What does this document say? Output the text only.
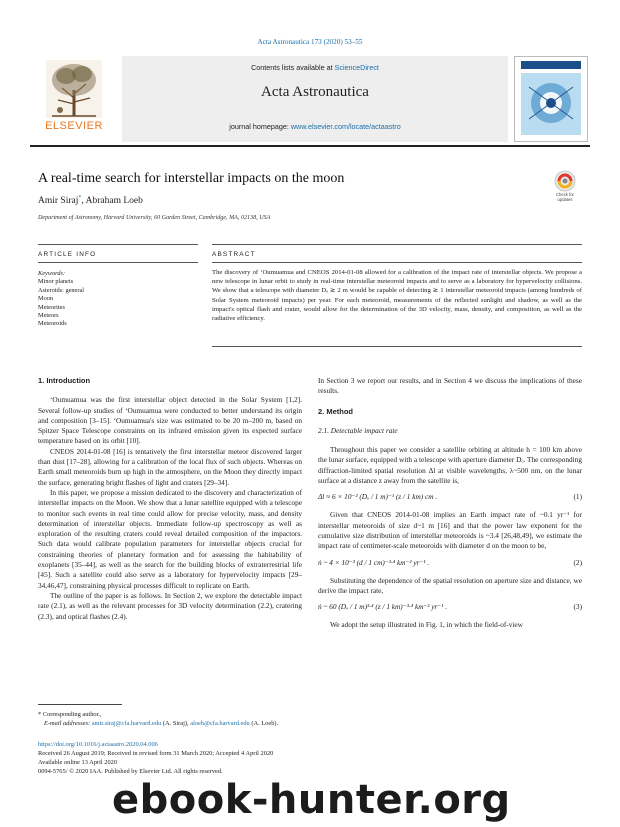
Acta Astronautica 173 (2020) 53–55
ELSEVIER
Contents lists available at ScienceDirect
Acta Astronautica
journal homepage: www.elsevier.com/locate/actaastro
A real-time search for interstellar impacts on the moon
Check for updates
Amir Siraj*, Abraham Loeb
Department of Astronomy, Harvard University, 60 Garden Street, Cambridge, MA, 02138, USA
ARTICLE INFO	ABSTRACT
Keywords:
Minor planets
Asteroids: general
Moon
Meteorites
Meteors
Meteoroids
The discovery of ‘Oumuamua and CNEOS 2014-01-08 allowed for a calibration of the impact rate of interstellar objects. We propose a new telescope in lunar orbit to study in real-time interstellar meteoroid impacts and to serve as a laboratory for hypervelocity collisions. We show that a telescope with diameter Dₒ ≳ 2 m would be capable of detecting ≳ 1 interstellar meteoroid impacts (among hundreds of Solar System meteoroid impacts) per year. For each meteoroid, measurements of the reflected sunlight and shadow, as well as the impact's optical flash and crater, would allow for the determination of the 3D velocity, mass, density, and composition, as well as the radiative efficiency.
1. Introduction

‘Oumuamua was the first interstellar object detected in the Solar System [1,2]. Several follow-up studies of ‘Oumuamua were conducted to better understand its origin and composition [3–15]. ‘Oumuamua's size was estimated to be 20 m–200 m, based on Spitzer Space Telescope constraints on its infrared emission given its expected surface temperature based on its orbit [10].

CNEOS 2014-01-08 [16] is tentatively the first interstellar meteor discovered larger than dust [17–28], allowing for a calibration of the local flux of such objects. Whereas on Earth small meteoroids burn up high in the atmosphere, on the Moon they directly impact the surface, generating bright flashes of light and craters [29–34].

In this paper, we propose a mission dedicated to the discovery and characterization of interstellar impacts on the Moon. We show that a lunar satellite equipped with a telescope to monitor such events in real time could allow for precise velocity, mass, and density determination of interstellar objects. Immediate follow-up spectroscopy as well as exploration of the resulting craters could reveal detailed composition of the impactors. Such data would calibrate population parameters for interstellar objects crucial for constraining theories of planetary formation and for assessing the habitability of exoplanets [35–44], as well as the search for the building blocks of extraterrestrial life [45]. Such a satellite could also serve as a laboratory for hypervelocity impacts [29–34,46,47], constraining physical processes difficult to replicate on Earth.

The outline of the paper is as follows. In Section 2, we explore the detectable impact rate (2.1), as well as the relevant processes for 3D velocity determination (2.2), cratering (2.3), and optical flashes (2.4).

In Section 3 we report our results, and in Section 4 we discuss the implications of these results.

2. Method
2.1. Detectable impact rate

Throughout this paper we consider a satellite orbiting at altitude h = 100 km above the lunar surface, equipped with a telescope with aperture diameter Dₒ. The corresponding diffraction-limited spatial resolution Δl at visible wavelengths, λ~500 nm, on the lunar surface at a distance z away from the satellite is,

Δl ≈ 6 × 10⁻² (Dₒ / 1 m)⁻¹ (z / 1 km) cm .	(1)

Given that CNEOS 2014-01-08 implies an Earth impact rate of ~0.1 yr⁻¹ for interstellar meteoroids of size d~1 m [16] and that the power law exponent for the cumulative size distribution of interstellar meteoroids is ~3.4 [26,48,49], we estimate the impact rate of centimeter-scale meteoroids with diameter d on the moon to be,

ṅ ~ 4 × 10⁻³ (d / 1 cm)⁻³·⁴ km⁻² yr⁻¹ .	(2)

Substituting the dependence of the spatial resolution on aperture size and distance, we derive the impact rate,

ṅ ~ 60 (Dₒ / 1 m)³·⁴ (z / 1 km)⁻³·⁴ km⁻² yr⁻¹ .	(3)

We adopt the setup illustrated in Fig. 1, in which the field-of-view

* Corresponding author.,
E-mail addresses: amir.siraj@cfa.harvard.edu (A. Siraj), aloeb@cfa.harvard.edu (A. Loeb).
https://doi.org/10.1016/j.actaastro.2020.04.006
Received 26 August 2019; Received in revised form 31 March 2020; Accepted 4 April 2020
Available online 13 April 2020
0094-5765/ © 2020 IAA. Published by Elsevier Ltd. All rights reserved.
ebook-hunter.org
